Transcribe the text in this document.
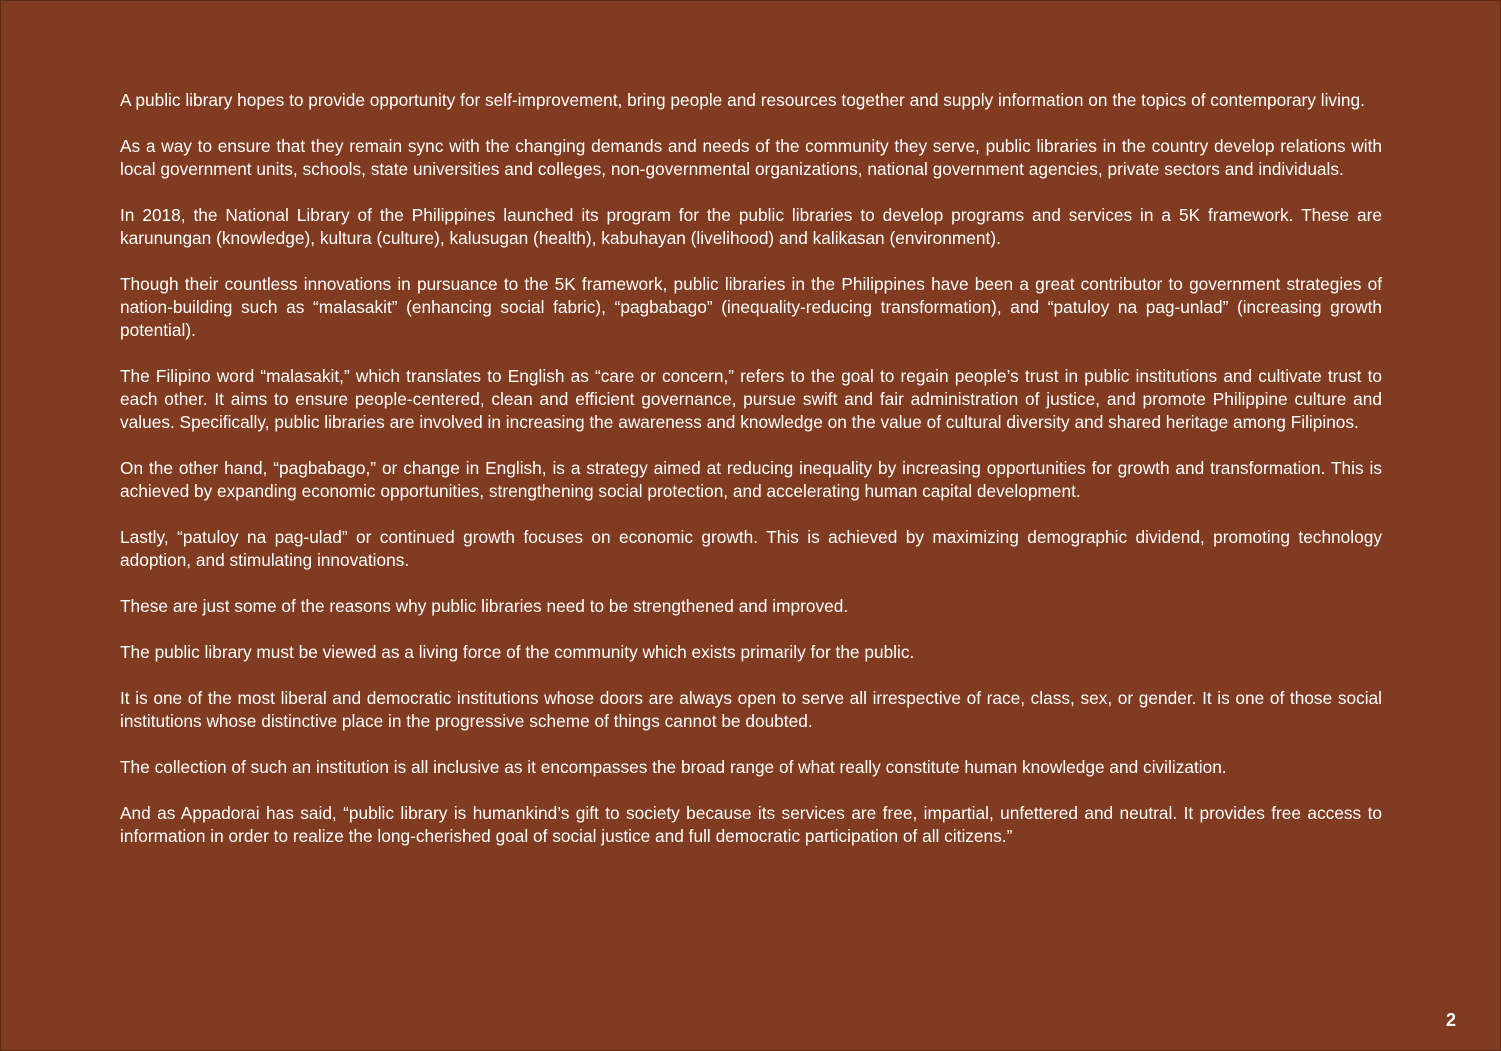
A public library hopes to provide opportunity for self-improvement, bring people and resources together and supply information on the topics of contemporary living.

As a way to ensure that they remain sync with the changing demands and needs of the community they serve, public libraries in the country develop relations with local government units, schools, state universities and colleges, non-governmental organizations, national government agencies, private sectors and individuals.

In 2018, the National Library of the Philippines launched its program for the public libraries to develop programs and services in a 5K framework. These are karunungan (knowledge), kultura (culture), kalusugan (health), kabuhayan (livelihood) and kalikasan (environment).

Though their countless innovations in pursuance to the 5K framework, public libraries in the Philippines have been a great contributor to government strategies of nation-building such as “malasakit” (enhancing social fabric), “pagbabago” (inequality-reducing transformation), and “patuloy na pag-unlad” (increasing growth potential).

The Filipino word “malasakit,” which translates to English as “care or concern,” refers to the goal to regain people’s trust in public institutions and cultivate trust to each other. It aims to ensure people-centered, clean and efficient governance, pursue swift and fair administration of justice, and promote Philippine culture and values. Specifically, public libraries are involved in increasing the awareness and knowledge on the value of cultural diversity and shared heritage among Filipinos.

On the other hand, “pagbabago,” or change in English, is a strategy aimed at reducing inequality by increasing opportunities for growth and transformation. This is achieved by expanding economic opportunities, strengthening social protection, and accelerating human capital development.

Lastly, “patuloy na pag-ulad” or continued growth focuses on economic growth. This is achieved by maximizing demographic dividend, promoting technology adoption, and stimulating innovations.

These are just some of the reasons why public libraries need to be strengthened and improved.

The public library must be viewed as a living force of the community which exists primarily for the public.

It is one of the most liberal and democratic institutions whose doors are always open to serve all irrespective of race, class, sex, or gender. It is one of those social institutions whose distinctive place in the progressive scheme of things cannot be doubted.

The collection of such an institution is all inclusive as it encompasses the broad range of what really constitute human knowledge and civilization.

And as Appadorai has said, “public library is humankind’s gift to society because its services are free, impartial, unfettered and neutral. It provides free access to information in order to realize the long-cherished goal of social justice and full democratic participation of all citizens.”

2
